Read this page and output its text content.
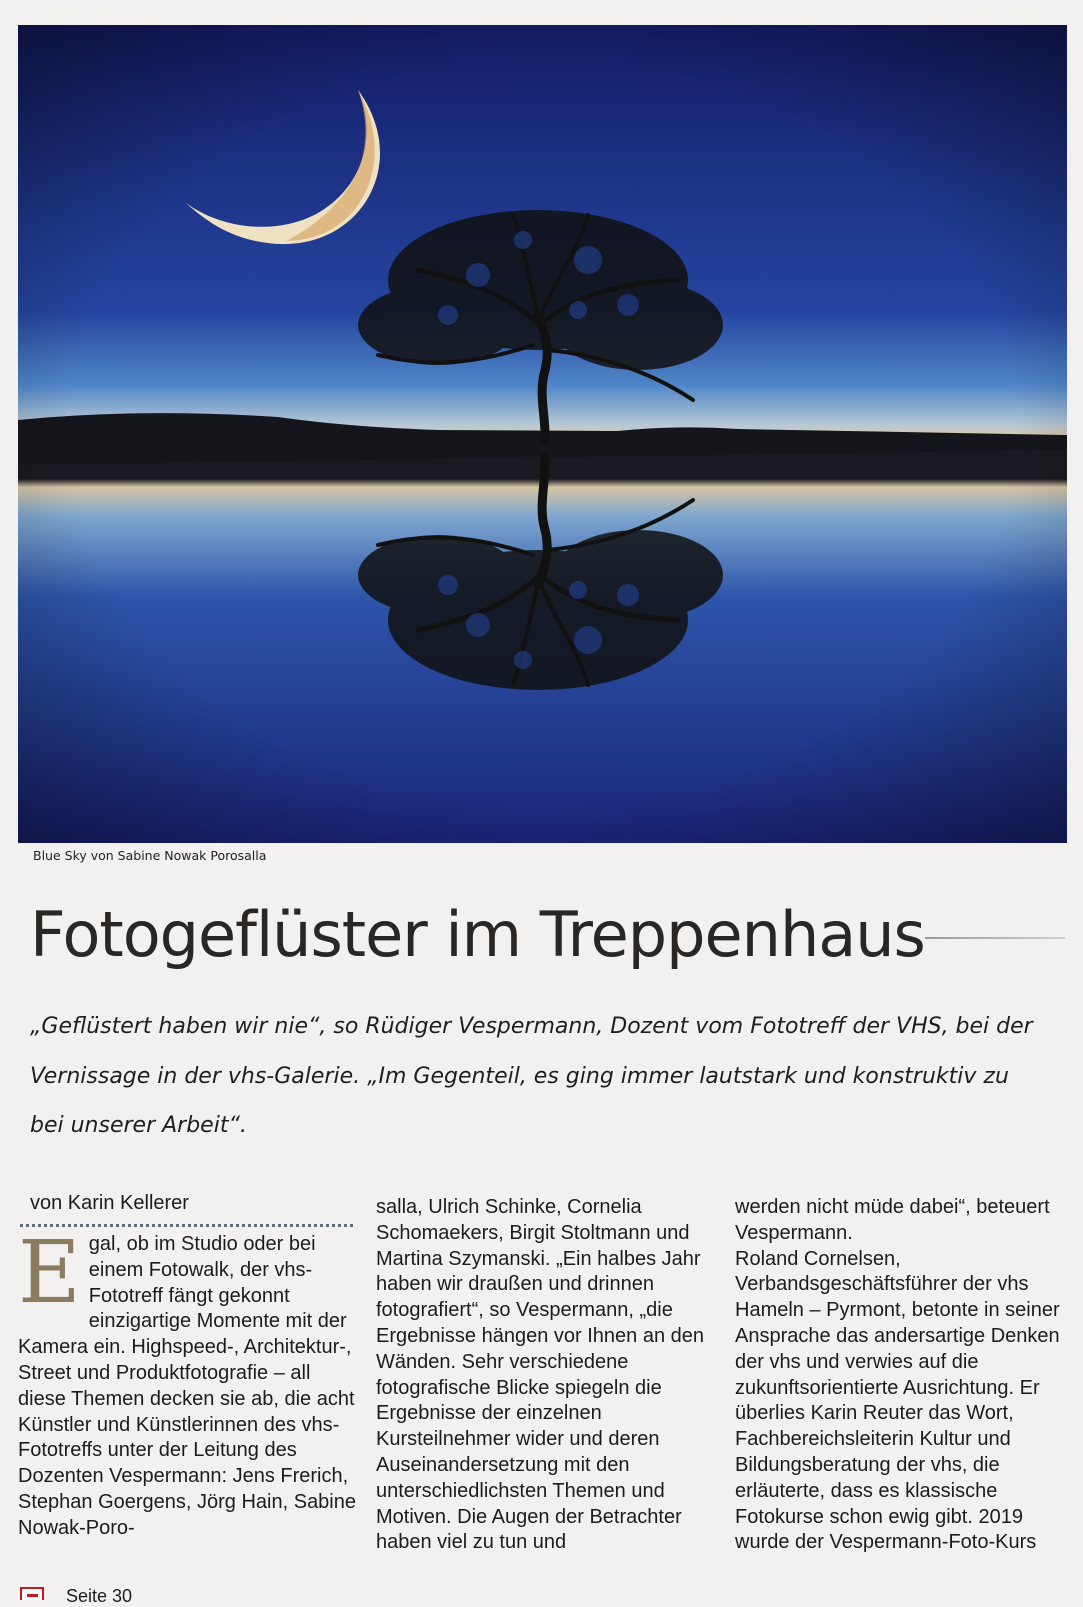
Blue Sky von Sabine Nowak Porosalla
Fotogeflüster im Treppenhaus

„Geflüstert haben wir nie“, so Rüdiger Vespermann, Dozent vom Fototreff der VHS, bei der Vernissage in der vhs-Galerie. „Im Gegenteil, es ging immer lautstark und konstruktiv zu bei unserer Arbeit“.

von Karin Kellerer
E gal, ob im Studio oder bei einem Fotowalk, der vhs-Fototreff fängt gekonnt einzigartige Momente mit der Kamera ein. Highspeed-, Architektur-, Street und Produktfotografie – all diese Themen decken sie ab, die acht Künstler und Künstlerinnen des vhs-Fototreffs unter der Leitung des Dozenten Vespermann: Jens Frerich, Stephan Goergens, Jörg Hain, Sabine Nowak-Poro-

salla, Ulrich Schinke, Cornelia Schomaekers, Birgit Stoltmann und Martina Szymanski. „Ein halbes Jahr haben wir draußen und drinnen fotografiert“, so Vespermann, „die Ergebnisse hängen vor Ihnen an den Wänden. Sehr verschiedene fotografische Blicke spiegeln die Ergebnisse der einzelnen Kursteilnehmer wider und deren Auseinandersetzung mit den unterschiedlichsten Themen und Motiven. Die Augen der Betrachter haben viel zu tun und

werden nicht müde dabei“, beteuert Vespermann.

Roland Cornelsen, Verbandsgeschäftsführer der vhs Hameln – Pyrmont, betonte in seiner Ansprache das andersartige Denken der vhs und verwies auf die zukunftsorientierte Ausrichtung. Er überlies Karin Reuter das Wort, Fachbereichsleiterin Kultur und Bildungsberatung der vhs, die erläuterte, dass es klassische Fotokurse schon ewig gibt. 2019 wurde der Vespermann-Foto-Kurs

Seite 30
